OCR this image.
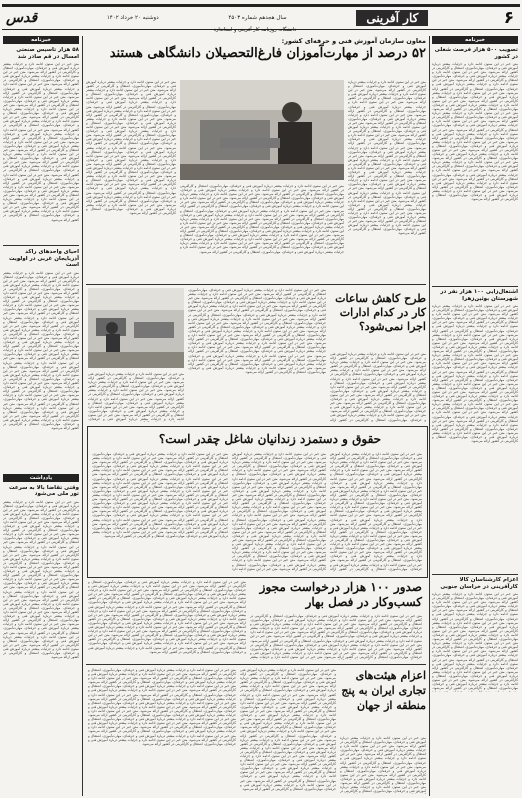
۶
کار آفرینی
سال هجدهم شماره ۴۵۰۳
دوشنبه ۲۰ خرداد ۱۴۰۲
قدس
دانشگاه، روزنامه کار آفرینی و استاندارد
خبرنامه
تصویب ۵۰۰ هزار فرصت شغلی در کشور
متن خبر در این ستون ادامه دارد و جزئیات بیشتر درباره آموزش فنی و حرفه‌ای، مهارت‌آموزی، اشتغال و کارآفرینی در کشور ارائه می‌شود. متن خبر در این ستون ادامه دارد و جزئیات بیشتر درباره آموزش فنی و حرفه‌ای، مهارت‌آموزی، اشتغال و کارآفرینی در کشور ارائه می‌شود. متن خبر در این ستون ادامه دارد و جزئیات بیشتر درباره آموزش فنی و حرفه‌ای، مهارت‌آموزی، اشتغال و کارآفرینی در کشور ارائه می‌شود. متن خبر در این ستون ادامه دارد و جزئیات بیشتر درباره آموزش فنی و حرفه‌ای، مهارت‌آموزی، اشتغال و کارآفرینی در کشور ارائه می‌شود. متن خبر در این ستون ادامه دارد و جزئیات بیشتر درباره آموزش فنی و حرفه‌ای، مهارت‌آموزی، اشتغال و کارآفرینی در کشور ارائه می‌شود. متن خبر در این ستون ادامه دارد و جزئیات بیشتر درباره آموزش فنی و حرفه‌ای، مهارت‌آموزی، اشتغال و کارآفرینی در کشور ارائه می‌شود. متن خبر در این ستون ادامه دارد و جزئیات بیشتر درباره آموزش فنی و حرفه‌ای، مهارت‌آموزی، اشتغال و کارآفرینی در کشور ارائه می‌شود. متن خبر در این ستون ادامه دارد و جزئیات بیشتر درباره آموزش فنی و حرفه‌ای، مهارت‌آموزی، اشتغال و کارآفرینی در کشور ارائه می‌شود. متن خبر در این ستون ادامه دارد و جزئیات بیشتر درباره آموزش فنی و حرفه‌ای، مهارت‌آموزی، اشتغال و کارآفرینی در کشور ارائه می‌شود. متن خبر در این ستون ادامه دارد و جزئیات بیشتر درباره آموزش فنی و حرفه‌ای، مهارت‌آموزی، اشتغال و کارآفرینی در کشور ارائه می‌شود. متن خبر در این ستون ادامه دارد و جزئیات بیشتر درباره آموزش فنی و حرفه‌ای، مهارت‌آموزی، اشتغال و کارآفرینی در کشور ارائه می‌شود. متن خبر در این ستون ادامه دارد و جزئیات بیشتر درباره آموزش فنی و حرفه‌ای، مهارت‌آموزی، اشتغال و کارآفرینی در کشور ارائه می‌شود. متن خبر در این ستون ادامه دارد و جزئیات بیشتر درباره آموزش فنی و حرفه‌ای، مهارت‌آموزی، اشتغال و کارآفرینی در کشور ارائه می‌شود. متن خبر در این ستون ادامه دارد و جزئیات بیشتر درباره آموزش فنی و حرفه‌ای، مهارت‌آموزی، اشتغال و کارآفرینی در کشور ارائه می‌شود.
اشتغال‌زایی ۱۰۰ هزار نفر در شهرستان بوئین‌زهرا
متن خبر در این ستون ادامه دارد و جزئیات بیشتر درباره آموزش فنی و حرفه‌ای، مهارت‌آموزی، اشتغال و کارآفرینی در کشور ارائه می‌شود. متن خبر در این ستون ادامه دارد و جزئیات بیشتر درباره آموزش فنی و حرفه‌ای، مهارت‌آموزی، اشتغال و کارآفرینی در کشور ارائه می‌شود. متن خبر در این ستون ادامه دارد و جزئیات بیشتر درباره آموزش فنی و حرفه‌ای، مهارت‌آموزی، اشتغال و کارآفرینی در کشور ارائه می‌شود. متن خبر در این ستون ادامه دارد و جزئیات بیشتر درباره آموزش فنی و حرفه‌ای، مهارت‌آموزی، اشتغال و کارآفرینی در کشور ارائه می‌شود. متن خبر در این ستون ادامه دارد و جزئیات بیشتر درباره آموزش فنی و حرفه‌ای، مهارت‌آموزی، اشتغال و کارآفرینی در کشور ارائه می‌شود. متن خبر در این ستون ادامه دارد و جزئیات بیشتر درباره آموزش فنی و حرفه‌ای، مهارت‌آموزی، اشتغال و کارآفرینی در کشور ارائه می‌شود. متن خبر در این ستون ادامه دارد و جزئیات بیشتر درباره آموزش فنی و حرفه‌ای، مهارت‌آموزی، اشتغال و کارآفرینی در کشور ارائه می‌شود. متن خبر در این ستون ادامه دارد و جزئیات بیشتر درباره آموزش فنی و حرفه‌ای، مهارت‌آموزی، اشتغال و کارآفرینی در کشور ارائه می‌شود. متن خبر در این ستون ادامه دارد و جزئیات بیشتر درباره آموزش فنی و حرفه‌ای، مهارت‌آموزی، اشتغال و کارآفرینی در کشور ارائه می‌شود. متن خبر در این ستون ادامه دارد و جزئیات بیشتر درباره آموزش فنی و حرفه‌ای، مهارت‌آموزی، اشتغال و کارآفرینی در کشور ارائه می‌شود. متن خبر در این ستون ادامه دارد و جزئیات بیشتر درباره آموزش فنی و حرفه‌ای، مهارت‌آموزی، اشتغال و کارآفرینی در کشور ارائه می‌شود. متن خبر در این ستون ادامه دارد و جزئیات بیشتر درباره آموزش فنی و حرفه‌ای، مهارت‌آموزی، اشتغال و کارآفرینی در کشور ارائه می‌شود. متن خبر در این ستون ادامه دارد و جزئیات بیشتر درباره آموزش فنی و حرفه‌ای، مهارت‌آموزی، اشتغال و کارآفرینی در کشور ارائه می‌شود. متن خبر در این ستون ادامه دارد و جزئیات بیشتر درباره آموزش فنی و حرفه‌ای، مهارت‌آموزی، اشتغال و کارآفرینی در کشور ارائه می‌شود.
اعزام کارشناسان کالا کارآفرینی در خراسان جنوبی
متن خبر در این ستون ادامه دارد و جزئیات بیشتر درباره آموزش فنی و حرفه‌ای، مهارت‌آموزی، اشتغال و کارآفرینی در کشور ارائه می‌شود. متن خبر در این ستون ادامه دارد و جزئیات بیشتر درباره آموزش فنی و حرفه‌ای، مهارت‌آموزی، اشتغال و کارآفرینی در کشور ارائه می‌شود. متن خبر در این ستون ادامه دارد و جزئیات بیشتر درباره آموزش فنی و حرفه‌ای، مهارت‌آموزی، اشتغال و کارآفرینی در کشور ارائه می‌شود. متن خبر در این ستون ادامه دارد و جزئیات بیشتر درباره آموزش فنی و حرفه‌ای، مهارت‌آموزی، اشتغال و کارآفرینی در کشور ارائه می‌شود. متن خبر در این ستون ادامه دارد و جزئیات بیشتر درباره آموزش فنی و حرفه‌ای، مهارت‌آموزی، اشتغال و کارآفرینی در کشور ارائه می‌شود. متن خبر در این ستون ادامه دارد و جزئیات بیشتر درباره آموزش فنی و حرفه‌ای، مهارت‌آموزی، اشتغال و کارآفرینی در کشور ارائه می‌شود. متن خبر در این ستون ادامه دارد و جزئیات بیشتر درباره آموزش فنی و حرفه‌ای، مهارت‌آموزی، اشتغال و کارآفرینی در کشور ارائه می‌شود. متن خبر در این ستون ادامه دارد و جزئیات بیشتر درباره آموزش فنی و حرفه‌ای، مهارت‌آموزی، اشتغال و کارآفرینی در کشور ارائه می‌شود. متن خبر در این ستون ادامه دارد و جزئیات بیشتر درباره آموزش فنی و حرفه‌ای، مهارت‌آموزی، اشتغال و کارآفرینی در کشور ارائه می‌شود. متن خبر در این ستون ادامه دارد و جزئیات بیشتر درباره آموزش فنی و حرفه‌ای، مهارت‌آموزی، اشتغال و کارآفرینی در کشور ارائه می‌شود.
خبرنامه
۵۸ هزار تاسیس صنعتی امسال در قم صادر شد
متن خبر در این ستون ادامه دارد و جزئیات بیشتر درباره آموزش فنی و حرفه‌ای، مهارت‌آموزی، اشتغال و کارآفرینی در کشور ارائه می‌شود. متن خبر در این ستون ادامه دارد و جزئیات بیشتر درباره آموزش فنی و حرفه‌ای، مهارت‌آموزی، اشتغال و کارآفرینی در کشور ارائه می‌شود. متن خبر در این ستون ادامه دارد و جزئیات بیشتر درباره آموزش فنی و حرفه‌ای، مهارت‌آموزی، اشتغال و کارآفرینی در کشور ارائه می‌شود. متن خبر در این ستون ادامه دارد و جزئیات بیشتر درباره آموزش فنی و حرفه‌ای، مهارت‌آموزی، اشتغال و کارآفرینی در کشور ارائه می‌شود. متن خبر در این ستون ادامه دارد و جزئیات بیشتر درباره آموزش فنی و حرفه‌ای، مهارت‌آموزی، اشتغال و کارآفرینی در کشور ارائه می‌شود. متن خبر در این ستون ادامه دارد و جزئیات بیشتر درباره آموزش فنی و حرفه‌ای، مهارت‌آموزی، اشتغال و کارآفرینی در کشور ارائه می‌شود. متن خبر در این ستون ادامه دارد و جزئیات بیشتر درباره آموزش فنی و حرفه‌ای، مهارت‌آموزی، اشتغال و کارآفرینی در کشور ارائه می‌شود. متن خبر در این ستون ادامه دارد و جزئیات بیشتر درباره آموزش فنی و حرفه‌ای، مهارت‌آموزی، اشتغال و کارآفرینی در کشور ارائه می‌شود. متن خبر در این ستون ادامه دارد و جزئیات بیشتر درباره آموزش فنی و حرفه‌ای، مهارت‌آموزی، اشتغال و کارآفرینی در کشور ارائه می‌شود. متن خبر در این ستون ادامه دارد و جزئیات بیشتر درباره آموزش فنی و حرفه‌ای، مهارت‌آموزی، اشتغال و کارآفرینی در کشور ارائه می‌شود. متن خبر در این ستون ادامه دارد و جزئیات بیشتر درباره آموزش فنی و حرفه‌ای، مهارت‌آموزی، اشتغال و کارآفرینی در کشور ارائه می‌شود. متن خبر در این ستون ادامه دارد و جزئیات بیشتر درباره آموزش فنی و حرفه‌ای، مهارت‌آموزی، اشتغال و کارآفرینی در کشور ارائه می‌شود. متن خبر در این ستون ادامه دارد و جزئیات بیشتر درباره آموزش فنی و حرفه‌ای، مهارت‌آموزی، اشتغال و کارآفرینی در کشور ارائه می‌شود. متن خبر در این ستون ادامه دارد و جزئیات بیشتر درباره آموزش فنی و حرفه‌ای، مهارت‌آموزی، اشتغال و کارآفرینی در کشور ارائه می‌شود.
احیای واحدهای راکد آذربایجان غربی در اولویت است
متن خبر در این ستون ادامه دارد و جزئیات بیشتر درباره آموزش فنی و حرفه‌ای، مهارت‌آموزی، اشتغال و کارآفرینی در کشور ارائه می‌شود. متن خبر در این ستون ادامه دارد و جزئیات بیشتر درباره آموزش فنی و حرفه‌ای، مهارت‌آموزی، اشتغال و کارآفرینی در کشور ارائه می‌شود. متن خبر در این ستون ادامه دارد و جزئیات بیشتر درباره آموزش فنی و حرفه‌ای، مهارت‌آموزی، اشتغال و کارآفرینی در کشور ارائه می‌شود. متن خبر در این ستون ادامه دارد و جزئیات بیشتر درباره آموزش فنی و حرفه‌ای، مهارت‌آموزی، اشتغال و کارآفرینی در کشور ارائه می‌شود. متن خبر در این ستون ادامه دارد و جزئیات بیشتر درباره آموزش فنی و حرفه‌ای، مهارت‌آموزی، اشتغال و کارآفرینی در کشور ارائه می‌شود. متن خبر در این ستون ادامه دارد و جزئیات بیشتر درباره آموزش فنی و حرفه‌ای، مهارت‌آموزی، اشتغال و کارآفرینی در کشور ارائه می‌شود. متن خبر در این ستون ادامه دارد و جزئیات بیشتر درباره آموزش فنی و حرفه‌ای، مهارت‌آموزی، اشتغال و کارآفرینی در کشور ارائه می‌شود. متن خبر در این ستون ادامه دارد و جزئیات بیشتر درباره آموزش فنی و حرفه‌ای، مهارت‌آموزی، اشتغال و کارآفرینی در کشور ارائه می‌شود. متن خبر در این ستون ادامه دارد و جزئیات بیشتر درباره آموزش فنی و حرفه‌ای، مهارت‌آموزی، اشتغال و کارآفرینی در کشور ارائه می‌شود. متن خبر در این ستون ادامه دارد و جزئیات بیشتر درباره آموزش فنی و حرفه‌ای، مهارت‌آموزی، اشتغال و کارآفرینی در کشور ارائه می‌شود. متن خبر در این ستون ادامه دارد و جزئیات بیشتر درباره آموزش فنی و حرفه‌ای، مهارت‌آموزی، اشتغال و کارآفرینی در کشور ارائه می‌شود. متن خبر در این ستون ادامه دارد و جزئیات بیشتر درباره آموزش فنی و حرفه‌ای، مهارت‌آموزی، اشتغال و کارآفرینی در کشور ارائه می‌شود. متن خبر در این ستون ادامه دارد و جزئیات بیشتر درباره آموزش فنی و حرفه‌ای، مهارت‌آموزی، اشتغال و کارآفرینی در کشور ارائه می‌شود. متن خبر در این ستون ادامه دارد و جزئیات بیشتر درباره آموزش فنی و حرفه‌ای، مهارت‌آموزی، اشتغال و کارآفرینی در کشور ارائه می‌شود.
یادداشت
وقتی تقاضا بالا به سرعت تور ملی می‌شود
متن خبر در این ستون ادامه دارد و جزئیات بیشتر درباره آموزش فنی و حرفه‌ای، مهارت‌آموزی، اشتغال و کارآفرینی در کشور ارائه می‌شود. متن خبر در این ستون ادامه دارد و جزئیات بیشتر درباره آموزش فنی و حرفه‌ای، مهارت‌آموزی، اشتغال و کارآفرینی در کشور ارائه می‌شود. متن خبر در این ستون ادامه دارد و جزئیات بیشتر درباره آموزش فنی و حرفه‌ای، مهارت‌آموزی، اشتغال و کارآفرینی در کشور ارائه می‌شود. متن خبر در این ستون ادامه دارد و جزئیات بیشتر درباره آموزش فنی و حرفه‌ای، مهارت‌آموزی، اشتغال و کارآفرینی در کشور ارائه می‌شود. متن خبر در این ستون ادامه دارد و جزئیات بیشتر درباره آموزش فنی و حرفه‌ای، مهارت‌آموزی، اشتغال و کارآفرینی در کشور ارائه می‌شود. متن خبر در این ستون ادامه دارد و جزئیات بیشتر درباره آموزش فنی و حرفه‌ای، مهارت‌آموزی، اشتغال و کارآفرینی در کشور ارائه می‌شود. متن خبر در این ستون ادامه دارد و جزئیات بیشتر درباره آموزش فنی و حرفه‌ای، مهارت‌آموزی، اشتغال و کارآفرینی در کشور ارائه می‌شود. متن خبر در این ستون ادامه دارد و جزئیات بیشتر درباره آموزش فنی و حرفه‌ای، مهارت‌آموزی، اشتغال و کارآفرینی در کشور ارائه می‌شود. متن خبر در این ستون ادامه دارد و جزئیات بیشتر درباره آموزش فنی و حرفه‌ای، مهارت‌آموزی، اشتغال و کارآفرینی در کشور ارائه می‌شود. متن خبر در این ستون ادامه دارد و جزئیات بیشتر درباره آموزش فنی و حرفه‌ای، مهارت‌آموزی، اشتغال و کارآفرینی در کشور ارائه می‌شود. متن خبر در این ستون ادامه دارد و جزئیات بیشتر درباره آموزش فنی و حرفه‌ای، مهارت‌آموزی، اشتغال و کارآفرینی در کشور ارائه می‌شود. متن خبر در این ستون ادامه دارد و جزئیات بیشتر درباره آموزش فنی و حرفه‌ای، مهارت‌آموزی، اشتغال و کارآفرینی در کشور ارائه می‌شود. متن خبر در این ستون ادامه دارد و جزئیات بیشتر درباره آموزش فنی و حرفه‌ای، مهارت‌آموزی، اشتغال و کارآفرینی در کشور ارائه می‌شود. متن خبر در این ستون ادامه دارد و جزئیات بیشتر درباره آموزش فنی و حرفه‌ای، مهارت‌آموزی، اشتغال و کارآفرینی در کشور ارائه می‌شود.
معاون سازمان آموزش فنی و حرفه‌ای کشور:
۵۲ درصد از مهارت‌آموزان فارغ‌التحصیلان دانشگاهی هستند
متن خبر در این ستون ادامه دارد و جزئیات بیشتر درباره آموزش فنی و حرفه‌ای، مهارت‌آموزی، اشتغال و کارآفرینی در کشور ارائه می‌شود. متن خبر در این ستون ادامه دارد و جزئیات بیشتر درباره آموزش فنی و حرفه‌ای، مهارت‌آموزی، اشتغال و کارآفرینی در کشور ارائه می‌شود. متن خبر در این ستون ادامه دارد و جزئیات بیشتر درباره آموزش فنی و حرفه‌ای، مهارت‌آموزی، اشتغال و کارآفرینی در کشور ارائه می‌شود. متن خبر در این ستون ادامه دارد و جزئیات بیشتر درباره آموزش فنی و حرفه‌ای، مهارت‌آموزی، اشتغال و کارآفرینی در کشور ارائه می‌شود. متن خبر در این ستون ادامه دارد و جزئیات بیشتر درباره آموزش فنی و حرفه‌ای، مهارت‌آموزی، اشتغال و کارآفرینی در کشور ارائه می‌شود. متن خبر در این ستون ادامه دارد و جزئیات بیشتر درباره آموزش فنی و حرفه‌ای، مهارت‌آموزی، اشتغال و کارآفرینی در کشور ارائه می‌شود. متن خبر در این ستون ادامه دارد و جزئیات بیشتر درباره آموزش فنی و حرفه‌ای، مهارت‌آموزی، اشتغال و کارآفرینی در کشور ارائه می‌شود. متن خبر در این ستون ادامه دارد و جزئیات بیشتر درباره آموزش فنی و حرفه‌ای، مهارت‌آموزی، اشتغال و کارآفرینی در کشور ارائه می‌شود. متن خبر در این ستون ادامه دارد و جزئیات بیشتر درباره آموزش فنی و حرفه‌ای، مهارت‌آموزی، اشتغال و کارآفرینی در کشور ارائه می‌شود. متن خبر در این ستون ادامه دارد و جزئیات بیشتر درباره آموزش فنی و حرفه‌ای، مهارت‌آموزی، اشتغال و کارآفرینی در کشور ارائه می‌شود. متن خبر در این ستون ادامه دارد و جزئیات بیشتر درباره آموزش فنی و حرفه‌ای، مهارت‌آموزی، اشتغال و کارآفرینی در کشور ارائه می‌شود. متن خبر در این ستون ادامه دارد و جزئیات بیشتر درباره آموزش فنی و حرفه‌ای، مهارت‌آموزی، اشتغال و کارآفرینی در کشور ارائه می‌شود. متن خبر در این ستون ادامه دارد و جزئیات بیشتر درباره آموزش فنی و حرفه‌ای، مهارت‌آموزی، اشتغال و کارآفرینی در کشور ارائه می‌شود. متن خبر در این ستون ادامه دارد و جزئیات بیشتر درباره آموزش فنی و حرفه‌ای، مهارت‌آموزی، اشتغال و کارآفرینی در کشور ارائه می‌شود.
متن خبر در این ستون ادامه دارد و جزئیات بیشتر درباره آموزش فنی و حرفه‌ای، مهارت‌آموزی، اشتغال و کارآفرینی در کشور ارائه می‌شود. متن خبر در این ستون ادامه دارد و جزئیات بیشتر درباره آموزش فنی و حرفه‌ای، مهارت‌آموزی، اشتغال و کارآفرینی در کشور ارائه می‌شود. متن خبر در این ستون ادامه دارد و جزئیات بیشتر درباره آموزش فنی و حرفه‌ای، مهارت‌آموزی، اشتغال و کارآفرینی در کشور ارائه می‌شود. متن خبر در این ستون ادامه دارد و جزئیات بیشتر درباره آموزش فنی و حرفه‌ای، مهارت‌آموزی، اشتغال و کارآفرینی در کشور ارائه می‌شود. متن خبر در این ستون ادامه دارد و جزئیات بیشتر درباره آموزش فنی و حرفه‌ای، مهارت‌آموزی، اشتغال و کارآفرینی در کشور ارائه می‌شود. متن خبر در این ستون ادامه دارد و جزئیات بیشتر درباره آموزش فنی و حرفه‌ای، مهارت‌آموزی، اشتغال و کارآفرینی در کشور ارائه می‌شود. متن خبر در این ستون ادامه دارد و جزئیات بیشتر درباره آموزش فنی و حرفه‌ای، مهارت‌آموزی، اشتغال و کارآفرینی در کشور ارائه می‌شود. متن خبر در این ستون ادامه دارد و جزئیات بیشتر درباره آموزش فنی و حرفه‌ای، مهارت‌آموزی، اشتغال و کارآفرینی در کشور ارائه می‌شود. متن خبر در این ستون ادامه دارد و جزئیات بیشتر درباره آموزش فنی و حرفه‌ای، مهارت‌آموزی، اشتغال و کارآفرینی در کشور ارائه می‌شود. متن خبر در این ستون ادامه دارد و جزئیات بیشتر درباره آموزش فنی و حرفه‌ای، مهارت‌آموزی، اشتغال و کارآفرینی در کشور ارائه می‌شود. متن خبر در این ستون ادامه دارد و جزئیات بیشتر درباره آموزش فنی و حرفه‌ای، مهارت‌آموزی، اشتغال و کارآفرینی در کشور ارائه می‌شود. متن خبر در این ستون ادامه دارد و جزئیات بیشتر درباره آموزش فنی و حرفه‌ای، مهارت‌آموزی، اشتغال و کارآفرینی در کشور ارائه می‌شود. متن خبر در این ستون ادامه دارد و جزئیات بیشتر درباره آموزش فنی و حرفه‌ای، مهارت‌آموزی، اشتغال و کارآفرینی در کشور ارائه می‌شود. متن خبر در این ستون ادامه دارد و جزئیات بیشتر درباره آموزش فنی و حرفه‌ای، مهارت‌آموزی، اشتغال و کارآفرینی در کشور ارائه می‌شود.
متن خبر در این ستون ادامه دارد و جزئیات بیشتر درباره آموزش فنی و حرفه‌ای، مهارت‌آموزی، اشتغال و کارآفرینی در کشور ارائه می‌شود. متن خبر در این ستون ادامه دارد و جزئیات بیشتر درباره آموزش فنی و حرفه‌ای، مهارت‌آموزی، اشتغال و کارآفرینی در کشور ارائه می‌شود. متن خبر در این ستون ادامه دارد و جزئیات بیشتر درباره آموزش فنی و حرفه‌ای، مهارت‌آموزی، اشتغال و کارآفرینی در کشور ارائه می‌شود. متن خبر در این ستون ادامه دارد و جزئیات بیشتر درباره آموزش فنی و حرفه‌ای، مهارت‌آموزی، اشتغال و کارآفرینی در کشور ارائه می‌شود. متن خبر در این ستون ادامه دارد و جزئیات بیشتر درباره آموزش فنی و حرفه‌ای، مهارت‌آموزی، اشتغال و کارآفرینی در کشور ارائه می‌شود. متن خبر در این ستون ادامه دارد و جزئیات بیشتر درباره آموزش فنی و حرفه‌ای، مهارت‌آموزی، اشتغال و کارآفرینی در کشور ارائه می‌شود. متن خبر در این ستون ادامه دارد و جزئیات بیشتر درباره آموزش فنی و حرفه‌ای، مهارت‌آموزی، اشتغال و کارآفرینی در کشور ارائه می‌شود. متن خبر در این ستون ادامه دارد و جزئیات بیشتر درباره آموزش فنی و حرفه‌ای، مهارت‌آموزی، اشتغال و کارآفرینی در کشور ارائه می‌شود. متن خبر در این ستون ادامه دارد و جزئیات بیشتر درباره آموزش فنی و حرفه‌ای، مهارت‌آموزی، اشتغال و کارآفرینی در کشور ارائه می‌شود. متن خبر در این ستون ادامه دارد و جزئیات بیشتر درباره آموزش فنی و حرفه‌ای، مهارت‌آموزی، اشتغال و کارآفرینی در کشور ارائه می‌شود. متن خبر در این ستون ادامه دارد و جزئیات بیشتر درباره آموزش فنی و حرفه‌ای، مهارت‌آموزی، اشتغال و کارآفرینی در کشور ارائه می‌شود. متن خبر در این ستون ادامه دارد و جزئیات بیشتر درباره آموزش فنی و حرفه‌ای، مهارت‌آموزی، اشتغال و کارآفرینی در کشور ارائه می‌شود. متن خبر در این ستون ادامه دارد و جزئیات بیشتر درباره آموزش فنی و حرفه‌ای، مهارت‌آموزی، اشتغال و کارآفرینی در کشور ارائه می‌شود. متن خبر در این ستون ادامه دارد و جزئیات بیشتر درباره آموزش فنی و حرفه‌ای، مهارت‌آموزی، اشتغال و کارآفرینی در کشور ارائه می‌شود.
متن خبر در این ستون ادامه دارد و جزئیات بیشتر درباره آموزش فنی و حرفه‌ای، مهارت‌آموزی، اشتغال و کارآفرینی در کشور ارائه می‌شود. متن خبر در این ستون ادامه دارد و جزئیات بیشتر درباره آموزش فنی و حرفه‌ای، مهارت‌آموزی، اشتغال و کارآفرینی در کشور ارائه می‌شود. متن خبر در این ستون ادامه دارد و جزئیات بیشتر درباره آموزش فنی و حرفه‌ای، مهارت‌آموزی، اشتغال و کارآفرینی در کشور ارائه می‌شود. متن خبر در این ستون ادامه دارد و جزئیات بیشتر درباره آموزش فنی و حرفه‌ای، مهارت‌آموزی، اشتغال و کارآفرینی در کشور ارائه می‌شود. متن خبر در این ستون ادامه دارد و جزئیات بیشتر درباره آموزش فنی و حرفه‌ای، مهارت‌آموزی، اشتغال و کارآفرینی در کشور ارائه می‌شود. متن خبر در این ستون ادامه دارد و جزئیات بیشتر درباره آموزش فنی و حرفه‌ای،
طرح کاهش ساعات کار در کدام ادارات اجرا نمی‌شود؟
متن خبر در این ستون ادامه دارد و جزئیات بیشتر درباره آموزش فنی و حرفه‌ای، مهارت‌آموزی، اشتغال و کارآفرینی در کشور ارائه می‌شود. متن خبر در این ستون ادامه دارد و جزئیات بیشتر درباره آموزش فنی و حرفه‌ای، مهارت‌آموزی، اشتغال و کارآفرینی در کشور ارائه می‌شود. متن خبر در این ستون ادامه دارد و جزئیات بیشتر درباره آموزش فنی و حرفه‌ای، مهارت‌آموزی، اشتغال و کارآفرینی در کشور ارائه می‌شود. متن خبر در این ستون ادامه دارد و جزئیات بیشتر درباره آموزش فنی و حرفه‌ای، مهارت‌آموزی، اشتغال و کارآفرینی در کشور ارائه می‌شود. متن خبر در این ستون ادامه دارد و جزئیات بیشتر درباره آموزش فنی و حرفه‌ای، مهارت‌آموزی، اشتغال و کارآفرینی در کشور ارائه می‌شود. متن خبر در این ستون ادامه دارد و جزئیات بیشتر درباره آموزش فنی و حرفه‌ای، مهارت‌آموزی، اشتغال و کارآفرینی در کشور ارائه می‌شود. متن خبر در این ستون ادامه دارد و جزئیات بیشتر درباره آموزش فنی و حرفه‌ای، مهارت‌آموزی، اشتغال و کارآفرینی در کشور ارائه می‌شود. متن خبر در این ستون ادامه دارد و جزئیات بیشتر درباره آموزش فنی و حرفه‌ای، مهارت‌آموزی، اشتغال و کارآفرینی در کشور ارائه می‌شود. متن خبر در این ستون ادامه دارد و جزئیات بیشتر درباره آموزش فنی و حرفه‌ای، مهارت‌آموزی، اشتغال و کارآفرینی در کشور ارائه می‌شود. متن خبر در این ستون ادامه دارد و جزئیات بیشتر درباره آموزش فنی و حرفه‌ای، مهارت‌آموزی، اشتغال و کارآفرینی در کشور ارائه می‌شود. متن خبر در این ستون ادامه دارد و جزئیات بیشتر درباره آموزش فنی و حرفه‌ای، مهارت‌آموزی، اشتغال و کارآفرینی در کشور ارائه می‌شود. متن خبر در این ستون ادامه دارد و جزئیات بیشتر درباره آموزش فنی و حرفه‌ای، مهارت‌آموزی، اشتغال و کارآفرینی در کشور ارائه می‌شود. متن خبر در این ستون ادامه دارد و جزئیات بیشتر درباره آموزش فنی و حرفه‌ای، مهارت‌آموزی، اشتغال و کارآفرینی در کشور ارائه می‌شود. متن خبر در این ستون ادامه دارد و جزئیات بیشتر درباره آموزش فنی و حرفه‌ای، مهارت‌آموزی، اشتغال و کارآفرینی در کشور ارائه می‌شود.
متن خبر در این ستون ادامه دارد و جزئیات بیشتر درباره آموزش فنی و حرفه‌ای، مهارت‌آموزی، اشتغال و کارآفرینی در کشور ارائه می‌شود. متن خبر در این ستون ادامه دارد و جزئیات بیشتر درباره آموزش فنی و حرفه‌ای، مهارت‌آموزی، اشتغال و کارآفرینی در کشور ارائه می‌شود. متن خبر در این ستون ادامه دارد و جزئیات بیشتر درباره آموزش فنی و حرفه‌ای، مهارت‌آموزی، اشتغال و کارآفرینی در کشور ارائه می‌شود. متن خبر در این ستون ادامه دارد و جزئیات بیشتر درباره آموزش فنی و حرفه‌ای، مهارت‌آموزی، اشتغال و کارآفرینی در کشور ارائه می‌شود. متن خبر در این ستون ادامه دارد و جزئیات بیشتر درباره آموزش فنی و حرفه‌ای، مهارت‌آموزی، اشتغال و کارآفرینی در کشور ارائه می‌شود. متن خبر در این ستون ادامه دارد و جزئیات بیشتر درباره آموزش فنی و حرفه‌ای، مهارت‌آموزی، اشتغال و کارآفرینی در کشور ارائه می‌شود. متن خبر در این ستون ادامه دارد و جزئیات بیشتر درباره آموزش فنی و حرفه‌ای، مهارت‌آموزی، اشتغال و کارآفرینی در کشور ارائه می‌شود. متن خبر در این ستون ادامه دارد و جزئیات بیشتر درباره آموزش فنی و حرفه‌ای، مهارت‌آموزی، اشتغال و کارآفرینی در کشور ارائه
حقوق و دستمزد زندانیان شاغل چقدر است؟
متن خبر در این ستون ادامه دارد و جزئیات بیشتر درباره آموزش فنی و حرفه‌ای، مهارت‌آموزی، اشتغال و کارآفرینی در کشور ارائه می‌شود. متن خبر در این ستون ادامه دارد و جزئیات بیشتر درباره آموزش فنی و حرفه‌ای، مهارت‌آموزی، اشتغال و کارآفرینی در کشور ارائه می‌شود. متن خبر در این ستون ادامه دارد و جزئیات بیشتر درباره آموزش فنی و حرفه‌ای، مهارت‌آموزی، اشتغال و کارآفرینی در کشور ارائه می‌شود. متن خبر در این ستون ادامه دارد و جزئیات بیشتر درباره آموزش فنی و حرفه‌ای، مهارت‌آموزی، اشتغال و کارآفرینی در کشور ارائه می‌شود. متن خبر در این ستون ادامه دارد و جزئیات بیشتر درباره آموزش فنی و حرفه‌ای، مهارت‌آموزی، اشتغال و کارآفرینی در کشور ارائه می‌شود. متن خبر در این ستون ادامه دارد و جزئیات بیشتر درباره آموزش فنی و حرفه‌ای، مهارت‌آموزی، اشتغال و کارآفرینی در کشور ارائه می‌شود. متن خبر در این ستون ادامه دارد و جزئیات بیشتر درباره آموزش فنی و حرفه‌ای، مهارت‌آموزی، اشتغال و کارآفرینی در کشور ارائه می‌شود. متن خبر در این ستون ادامه دارد و جزئیات بیشتر درباره آموزش فنی و حرفه‌ای، مهارت‌آموزی، اشتغال و کارآفرینی در کشور ارائه می‌شود. متن خبر در این ستون ادامه دارد و جزئیات بیشتر درباره آموزش فنی و حرفه‌ای، مهارت‌آموزی، اشتغال و کارآفرینی در کشور ارائه می‌شود. متن خبر در این ستون ادامه دارد و جزئیات بیشتر درباره آموزش فنی و حرفه‌ای، مهارت‌آموزی، اشتغال و کارآفرینی در کشور ارائه می‌شود. متن خبر در این ستون ادامه دارد و جزئیات بیشتر درباره آموزش فنی و حرفه‌ای، مهارت‌آموزی، اشتغال و کارآفرینی در کشور ارائه می‌شود. متن خبر در این ستون ادامه دارد و جزئیات بیشتر درباره آموزش فنی و حرفه‌ای، مهارت‌آموزی، اشتغال و کارآفرینی در کشور ارائه می‌شود. متن خبر در این ستون ادامه دارد و جزئیات بیشتر درباره آموزش فنی و حرفه‌ای، مهارت‌آموزی، اشتغال و کارآفرینی در کشور ارائه
متن خبر در این ستون ادامه دارد و جزئیات بیشتر درباره آموزش فنی و حرفه‌ای، مهارت‌آموزی، اشتغال و کارآفرینی در کشور ارائه می‌شود. متن خبر در این ستون ادامه دارد و جزئیات بیشتر درباره آموزش فنی و حرفه‌ای، مهارت‌آموزی، اشتغال و کارآفرینی در کشور ارائه می‌شود. متن خبر در این ستون ادامه دارد و جزئیات بیشتر درباره آموزش فنی و حرفه‌ای، مهارت‌آموزی، اشتغال و کارآفرینی در کشور ارائه می‌شود. متن خبر در این ستون ادامه دارد و جزئیات بیشتر درباره آموزش فنی و حرفه‌ای، مهارت‌آموزی، اشتغال و کارآفرینی در کشور ارائه می‌شود. متن خبر در این ستون ادامه دارد و جزئیات بیشتر درباره آموزش فنی و حرفه‌ای، مهارت‌آموزی، اشتغال و کارآفرینی در کشور ارائه می‌شود. متن خبر در این ستون ادامه دارد و جزئیات بیشتر درباره آموزش فنی و حرفه‌ای، مهارت‌آموزی، اشتغال و کارآفرینی در کشور ارائه می‌شود. متن خبر در این ستون ادامه دارد و جزئیات بیشتر درباره آموزش فنی و حرفه‌ای، مهارت‌آموزی، اشتغال و کارآفرینی در کشور ارائه می‌شود. متن خبر در این ستون ادامه دارد و جزئیات بیشتر درباره آموزش فنی و حرفه‌ای، مهارت‌آموزی، اشتغال و کارآفرینی در کشور ارائه می‌شود. متن خبر در این ستون ادامه دارد و جزئیات بیشتر درباره آموزش فنی و حرفه‌ای، مهارت‌آموزی، اشتغال و کارآفرینی در کشور ارائه می‌شود. متن خبر در این ستون ادامه دارد و جزئیات بیشتر درباره آموزش فنی و حرفه‌ای، مهارت‌آموزی، اشتغال و کارآفرینی در کشور ارائه می‌شود. متن خبر در این ستون ادامه دارد و جزئیات بیشتر درباره آموزش فنی و حرفه‌ای، مهارت‌آموزی، اشتغال و کارآفرینی در کشور ارائه می‌شود. متن خبر در این ستون ادامه دارد و جزئیات بیشتر درباره آموزش فنی و حرفه‌ای، مهارت‌آموزی، اشتغال و کارآفرینی در کشور ارائه می‌شود. متن خبر در این ستون ادامه دارد و جزئیات بیشتر درباره آموزش فنی و حرفه‌ای، مهارت‌آموزی، اشتغال و کارآفرینی در کشور ارائه می‌شود. متن خبر در این ستون ادامه دارد
متن خبر در این ستون ادامه دارد و جزئیات بیشتر درباره آموزش فنی و حرفه‌ای، مهارت‌آموزی، اشتغال و کارآفرینی در کشور ارائه می‌شود. متن خبر در این ستون ادامه دارد و جزئیات بیشتر درباره آموزش فنی و حرفه‌ای، مهارت‌آموزی، اشتغال و کارآفرینی در کشور ارائه می‌شود. متن خبر در این ستون ادامه دارد و جزئیات بیشتر درباره آموزش فنی و حرفه‌ای، مهارت‌آموزی، اشتغال و کارآفرینی در کشور ارائه می‌شود. متن خبر در این ستون ادامه دارد و جزئیات بیشتر درباره آموزش فنی و حرفه‌ای، مهارت‌آموزی، اشتغال و کارآفرینی در کشور ارائه می‌شود. متن خبر در این ستون ادامه دارد و جزئیات بیشتر درباره آموزش فنی و حرفه‌ای، مهارت‌آموزی، اشتغال و کارآفرینی در کشور ارائه می‌شود. متن خبر در این ستون ادامه دارد و جزئیات بیشتر درباره آموزش فنی و حرفه‌ای، مهارت‌آموزی، اشتغال و کارآفرینی در کشور ارائه می‌شود. متن خبر در این ستون ادامه دارد و جزئیات بیشتر درباره آموزش فنی و حرفه‌ای، مهارت‌آموزی، اشتغال و کارآفرینی در کشور ارائه می‌شود. متن خبر در این ستون ادامه دارد و جزئیات بیشتر درباره آموزش فنی و حرفه‌ای، مهارت‌آموزی، اشتغال و کارآفرینی در کشور ارائه می‌شود. متن خبر در این ستون ادامه دارد و جزئیات بیشتر درباره آموزش فنی و حرفه‌ای، مهارت‌آموزی، اشتغال و کارآفرینی در کشور ارائه می‌شود. متن خبر در این ستون ادامه دارد و جزئیات بیشتر درباره آموزش فنی و حرفه‌ای، مهارت‌آموزی، اشتغال و کارآفرینی در کشور ارائه می‌شود. متن خبر در این ستون ادامه دارد و جزئیات بیشتر درباره آموزش فنی و حرفه‌ای، مهارت‌آموزی، اشتغال و کارآفرینی در کشور ارائه می‌شود. متن خبر در این ستون ادامه دارد و جزئیات بیشتر درباره آموزش فنی و حرفه‌ای، مهارت‌آموزی، اشتغال و کارآفرینی در کشور ارائه می‌شود. متن خبر در این ستون ادامه دارد و جزئیات بیشتر درباره آموزش فنی و حرفه‌ای، مهارت‌آموزی، اشتغال و کارآفرینی در کشور ارائه می‌شود. متن خبر در این ستون ادامه دارد و جزئیات بیشتر درباره آموزش فنی و حرفه‌ای، مهارت‌آموزی، اشتغال و کارآفرینی در کشور ارائه می‌شود.
صدور ۱۰۰ هزار درخواست مجوز کسب‌وکار در فصل بهار
متن خبر در این ستون ادامه دارد و جزئیات بیشتر درباره آموزش فنی و حرفه‌ای، مهارت‌آموزی، اشتغال و کارآفرینی در کشور ارائه می‌شود. متن خبر در این ستون ادامه دارد و جزئیات بیشتر درباره آموزش فنی و حرفه‌ای، مهارت‌آموزی، اشتغال و کارآفرینی در کشور ارائه می‌شود. متن خبر در این ستون ادامه دارد و جزئیات بیشتر درباره آموزش فنی و حرفه‌ای، مهارت‌آموزی، اشتغال و کارآفرینی در کشور ارائه می‌شود. متن خبر در این ستون ادامه دارد و جزئیات بیشتر درباره آموزش فنی و حرفه‌ای، مهارت‌آموزی، اشتغال و کارآفرینی در کشور ارائه می‌شود. متن خبر در این ستون ادامه دارد و جزئیات بیشتر درباره آموزش فنی و حرفه‌ای، مهارت‌آموزی، اشتغال و کارآفرینی در کشور ارائه می‌شود. متن خبر در این ستون ادامه دارد و جزئیات بیشتر درباره آموزش فنی و حرفه‌ای، مهارت‌آموزی، اشتغال و کارآفرینی در کشور ارائه می‌شود. متن خبر در این ستون ادامه دارد و جزئیات بیشتر درباره آموزش فنی و حرفه‌ای، مهارت‌آموزی، اشتغال و کارآفرینی در کشور ارائه می‌شود. متن خبر در این ستون ادامه دارد و جزئیات بیشتر درباره آموزش فنی و حرفه‌ای، مهارت‌آموزی، اشتغال و کارآفرینی در کشور ارائه می‌شود. متن خبر در این ستون ادامه دارد و جزئیات بیشتر درباره آموزش فنی و حرفه‌ای، مهارت‌آموزی، اشتغال و کارآفرینی در کشور ارائه می‌شود. متن خبر در این ستون ادامه دارد و جزئیات بیشتر
متن خبر در این ستون ادامه دارد و جزئیات بیشتر درباره آموزش فنی و حرفه‌ای، مهارت‌آموزی، اشتغال و کارآفرینی در کشور ارائه می‌شود. متن خبر در این ستون ادامه دارد و جزئیات بیشتر درباره آموزش فنی و حرفه‌ای، مهارت‌آموزی، اشتغال و کارآفرینی در کشور ارائه می‌شود. متن خبر در این ستون ادامه دارد و جزئیات بیشتر درباره آموزش فنی و حرفه‌ای، مهارت‌آموزی، اشتغال و کارآفرینی در کشور ارائه می‌شود. متن خبر در این ستون ادامه دارد و جزئیات بیشتر درباره آموزش فنی و حرفه‌ای، مهارت‌آموزی، اشتغال و کارآفرینی در کشور ارائه می‌شود. متن خبر در این ستون ادامه دارد و جزئیات بیشتر درباره آموزش فنی و حرفه‌ای، مهارت‌آموزی، اشتغال و کارآفرینی در کشور ارائه می‌شود. متن خبر در این ستون ادامه دارد و جزئیات بیشتر درباره آموزش فنی و حرفه‌ای، مهارت‌آموزی، اشتغال و کارآفرینی در کشور ارائه می‌شود. متن خبر در این ستون ادامه دارد و جزئیات بیشتر درباره آموزش فنی و حرفه‌ای، مهارت‌آموزی، اشتغال و کارآفرینی در کشور ارائه می‌شود. متن خبر در این ستون ادامه دارد و جزئیات بیشتر درباره آموزش فنی و حرفه‌ای، مهارت‌آموزی، اشتغال و کارآفرینی در کشور ارائه می‌شود. متن خبر در این ستون ادامه دارد و جزئیات بیشتر درباره آموزش فنی و حرفه‌ای، مهارت‌آموزی، اشتغال و کارآفرینی در کشور ارائه می‌شود. متن خبر در این ستون ادامه دارد و جزئیات بیشتر درباره آموزش فنی و حرفه‌ای، مهارت‌آموزی، اشتغال و کارآفرینی در کشور ارائه می‌شود. متن خبر در این ستون ادامه دارد و جزئیات بیشتر درباره آموزش فنی و حرفه‌ای، مهارت‌آموزی، اشتغال و کارآفرینی در کشور ارائه می‌شود. متن خبر در این ستون ادامه دارد و جزئیات بیشتر درباره آموزش فنی و حرفه‌ای، مهارت‌آموزی، اشتغال و کارآفرینی در کشور ارائه می‌شود. متن خبر در این ستون ادامه دارد و جزئیات بیشتر درباره آموزش فنی و حرفه‌ای، مهارت‌آموزی، اشتغال و کارآفرینی در کشور ارائه می‌شود. متن خبر در این ستون ادامه دارد و جزئیات بیشتر درباره آموزش فنی و حرفه‌ای، مهارت‌آموزی، اشتغال و کارآفرینی در کشور ارائه می‌شود.
اعزام هیئت‌های تجاری ایران به پنج منطقه از جهان
متن خبر در این ستون ادامه دارد و جزئیات بیشتر درباره آموزش فنی و حرفه‌ای، مهارت‌آموزی، اشتغال و کارآفرینی در کشور ارائه می‌شود. متن خبر در این ستون ادامه دارد و جزئیات بیشتر درباره آموزش فنی و حرفه‌ای، مهارت‌آموزی، اشتغال و کارآفرینی در کشور ارائه می‌شود. متن خبر در این ستون ادامه دارد و جزئیات بیشتر درباره آموزش فنی و حرفه‌ای، مهارت‌آموزی، اشتغال و کارآفرینی در کشور ارائه می‌شود. متن خبر در این ستون ادامه دارد و جزئیات بیشتر درباره آموزش فنی و حرفه‌ای، مهارت‌آموزی، اشتغال و کارآفرینی در کشور ارائه می‌شود. متن خبر در این ستون ادامه دارد و جزئیات بیشتر درباره آموزش فنی و حرفه‌ای، مهارت‌آموزی، اشتغال و کارآفرینی در کشور ارائه می‌شود. متن خبر در این ستون ادامه دارد و جزئیات بیشتر درباره آموزش فنی و حرفه‌ای، مهارت‌آموزی، اشتغال و کارآفرینی در
متن خبر در این ستون ادامه دارد و جزئیات بیشتر درباره آموزش فنی و حرفه‌ای، مهارت‌آموزی، اشتغال و کارآفرینی در کشور ارائه می‌شود. متن خبر در این ستون ادامه دارد و جزئیات بیشتر درباره آموزش فنی و حرفه‌ای، مهارت‌آموزی، اشتغال و کارآفرینی در کشور ارائه می‌شود. متن خبر در این ستون ادامه دارد و جزئیات بیشتر درباره آموزش فنی و حرفه‌ای، مهارت‌آموزی، اشتغال و کارآفرینی در کشور ارائه می‌شود. متن خبر در این ستون ادامه دارد و جزئیات بیشتر درباره آموزش فنی و حرفه‌ای، مهارت‌آموزی، اشتغال و کارآفرینی در کشور ارائه می‌شود. متن خبر در این ستون ادامه دارد و جزئیات بیشتر درباره آموزش فنی و حرفه‌ای، مهارت‌آموزی، اشتغال و کارآفرینی در کشور ارائه می‌شود. متن خبر در این ستون ادامه دارد و جزئیات بیشتر درباره آموزش فنی و حرفه‌ای، مهارت‌آموزی، اشتغال و کارآفرینی در کشور ارائه می‌شود. متن خبر در این ستون ادامه دارد و جزئیات بیشتر درباره آموزش فنی و حرفه‌ای، مهارت‌آموزی، اشتغال و کارآفرینی در کشور ارائه می‌شود. متن خبر در این ستون ادامه دارد و جزئیات بیشتر درباره آموزش فنی و حرفه‌ای، مهارت‌آموزی، اشتغال و کارآفرینی در کشور ارائه می‌شود. متن خبر در این ستون ادامه دارد و جزئیات بیشتر درباره آموزش فنی و حرفه‌ای، مهارت‌آموزی، اشتغال و کارآفرینی در کشور ارائه می‌شود. متن خبر در این ستون ادامه دارد و جزئیات بیشتر درباره آموزش فنی و حرفه‌ای، مهارت‌آموزی، اشتغال و کارآفرینی در کشور ارائه می‌شود. متن خبر در این ستون ادامه دارد و جزئیات بیشتر درباره آموزش فنی و حرفه‌ای، مهارت‌آموزی، اشتغال و کارآفرینی در کشور ارائه می‌شود. متن خبر در این ستون ادامه دارد و جزئیات بیشتر درباره آموزش فنی و حرفه‌ای، مهارت‌آموزی، اشتغال و کارآفرینی در کشور ارائه می‌شود. متن خبر در این ستون ادامه دارد و جزئیات بیشتر درباره آموزش فنی و حرفه‌ای، مهارت‌آموزی، اشتغال و کارآفرینی در کشور ارائه می‌شود. متن خبر در این ستون ادامه دارد و جزئیات بیشتر درباره آموزش فنی و حرفه‌ای، مهارت‌آموزی، اشتغال و کارآفرینی در کشور ارائه می‌شود.
متن خبر در این ستون ادامه دارد و جزئیات بیشتر درباره آموزش فنی و حرفه‌ای، مهارت‌آموزی، اشتغال و کارآفرینی در کشور ارائه می‌شود. متن خبر در این ستون ادامه دارد و جزئیات بیشتر درباره آموزش فنی و حرفه‌ای، مهارت‌آموزی، اشتغال و کارآفرینی در کشور ارائه می‌شود. متن خبر در این ستون ادامه دارد و جزئیات بیشتر درباره آموزش فنی و حرفه‌ای، مهارت‌آموزی، اشتغال و کارآفرینی در کشور ارائه می‌شود. متن خبر در این ستون ادامه دارد و جزئیات بیشتر درباره آموزش فنی و حرفه‌ای، مهارت‌آموزی، اشتغال و کارآفرینی در کشور ارائه می‌شود. متن خبر در این ستون ادامه دارد و جزئیات بیشتر درباره آموزش فنی و حرفه‌ای، مهارت‌آموزی، اشتغال و کارآفرینی در کشور ارائه می‌شود. متن خبر در این ستون ادامه دارد و جزئیات بیشتر درباره آموزش فنی و حرفه‌ای، مهارت‌آموزی، اشتغال و کارآفرینی در کشور ارائه می‌شود. متن خبر در این ستون ادامه دارد و جزئیات بیشتر درباره آموزش فنی و حرفه‌ای، مهارت‌آموزی، اشتغال و کارآفرینی در کشور ارائه می‌شود. متن خبر در این ستون ادامه دارد و جزئیات بیشتر درباره آموزش فنی و حرفه‌ای، مهارت‌آموزی، اشتغال و کارآفرینی در کشور ارائه می‌شود. متن خبر در این ستون ادامه دارد و جزئیات بیشتر درباره آموزش فنی و حرفه‌ای، مهارت‌آموزی، اشتغال و کارآفرینی در کشور ارائه می‌شود. متن خبر در این ستون ادامه دارد و جزئیات بیشتر درباره آموزش فنی و حرفه‌ای، مهارت‌آموزی، اشتغال و کارآفرینی در کشور ارائه می‌شود. متن خبر در این ستون ادامه دارد و جزئیات بیشتر درباره آموزش فنی و حرفه‌ای، مهارت‌آموزی، اشتغال و کارآفرینی در کشور ارائه می‌شود. متن خبر در این ستون ادامه دارد و جزئیات بیشتر درباره آموزش فنی و حرفه‌ای، مهارت‌آموزی، اشتغال و کارآفرینی در کشور ارائه می‌شود. متن خبر در این ستون ادامه دارد و جزئیات بیشتر درباره آموزش فنی و حرفه‌ای، مهارت‌آموزی، اشتغال و کارآفرینی در کشور ارائه می‌شود. متن خبر در این ستون ادامه دارد و جزئیات بیشتر درباره آموزش فنی و حرفه‌ای، مهارت‌آموزی، اشتغال و کارآفرینی در کشور ارائه می‌شود.
